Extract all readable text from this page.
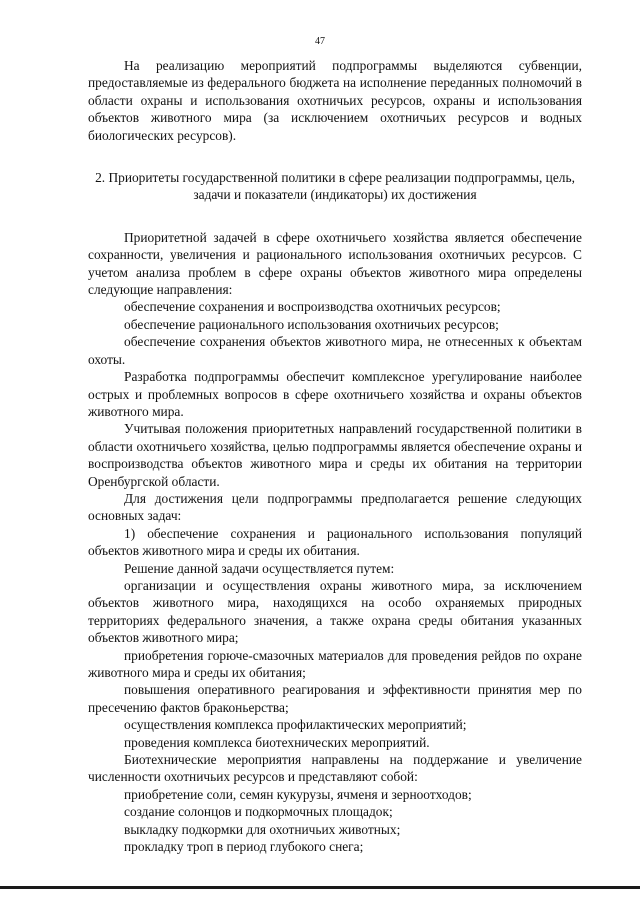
47

На реализацию мероприятий подпрограммы выделяются субвенции, предоставляемые из федерального бюджета на исполнение переданных полномочий в области охраны и использования охотничьих ресурсов, охраны и использования объектов животного мира (за исключением охотничьих ресурсов и водных биологических ресурсов).

2. Приоритеты государственной политики в сфере реализации подпрограммы, цель, задачи и показатели (индикаторы) их достижения

Приоритетной задачей в сфере охотничьего хозяйства является обеспечение сохранности, увеличения и рационального использования охотничьих ресурсов. С учетом анализа проблем в сфере охраны объектов животного мира определены следующие направления:

обеспечение сохранения и воспроизводства охотничьих ресурсов;

обеспечение рационального использования охотничьих ресурсов;

обеспечение сохранения объектов животного мира, не отнесенных к объектам охоты.

Разработка подпрограммы обеспечит комплексное урегулирование наиболее острых и проблемных вопросов в сфере охотничьего хозяйства и охраны объектов животного мира.

Учитывая положения приоритетных направлений государственной политики в области охотничьего хозяйства, целью подпрограммы является обеспечение охраны и воспроизводства объектов животного мира и среды их обитания на территории Оренбургской области.

Для достижения цели подпрограммы предполагается решение следующих основных задач:

1) обеспечение сохранения и рационального использования популяций объектов животного мира и среды их обитания.

Решение данной задачи осуществляется путем:

организации и осуществления охраны животного мира, за исключением объектов животного мира, находящихся на особо охраняемых природных территориях федерального значения, а также охрана среды обитания указанных объектов животного мира;

приобретения горюче-смазочных материалов для проведения рейдов по охране животного мира и среды их обитания;

повышения оперативного реагирования и эффективности принятия мер по пресечению фактов браконьерства;

осуществления комплекса профилактических мероприятий;

проведения комплекса биотехнических мероприятий.

Биотехнические мероприятия направлены на поддержание и увеличение численности охотничьих ресурсов и представляют собой:

приобретение соли, семян кукурузы, ячменя и зерноотходов;

создание солонцов и подкормочных площадок;

выкладку подкормки для охотничьих животных;

прокладку троп в период глубокого снега;
